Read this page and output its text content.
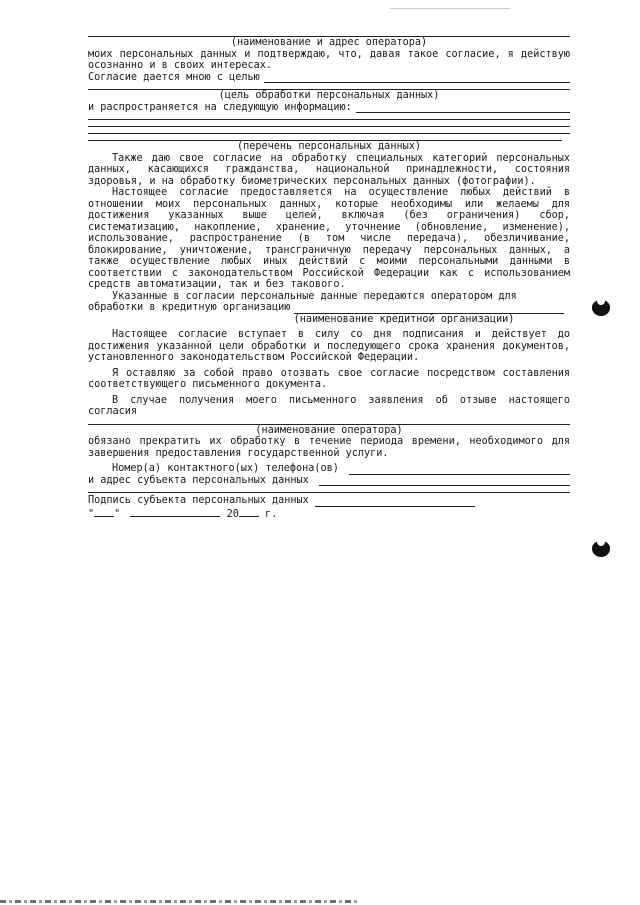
(наименование и адрес оператора)
моих персональных данных и подтверждаю, что, давая такое согласие, я действую осознанно и в своих интересах.
Согласие дается мною с целью
(цель обработки персональных данных)
и распространяется на следующую информацию:
(перечень персональных данных)
Также даю свое согласие на обработку специальных категорий персональных данных, касающихся гражданства, национальной принадлежности, состояния здоровья, и на обработку биометрических персональных данных (фотографии).
Настоящее согласие предоставляется на осуществление любых действий в отношении моих персональных данных, которые необходимы или желаемы для достижения указанных выше целей, включая (без ограничения) сбор, систематизацию, накопление, хранение, уточнение (обновление, изменение), использование, распространение (в том числе передача), обезличивание, блокирование, уничтожение, трансграничную передачу персональных данных, а также осуществление любых иных действий с моими персональными данными в соответствии с законодательством Российской Федерации как с использованием средств автоматизации, так и без такового.
Указанные в согласии персональные данные передаются оператором для
обработки в кредитную организацию
(наименование кредитной организации)
Настоящее согласие вступает в силу со дня подписания и действует до достижения указанной цели обработки и последующего срока хранения документов, установленного законодательством Российской Федерации.
Я оставляю за собой право отозвать свое согласие посредством составления соответствующего письменного документа.
В случае получения моего письменного заявления об отзыве настоящего согласия
(наименование оператора)
обязано прекратить их обработку в течение периода времени, необходимого для завершения предоставления государственной услуги.
Номер(а) контактного(ых) телефона(ов)
и адрес субъекта персональных данных
Подпись субъекта персональных данных
" "	20	г.
